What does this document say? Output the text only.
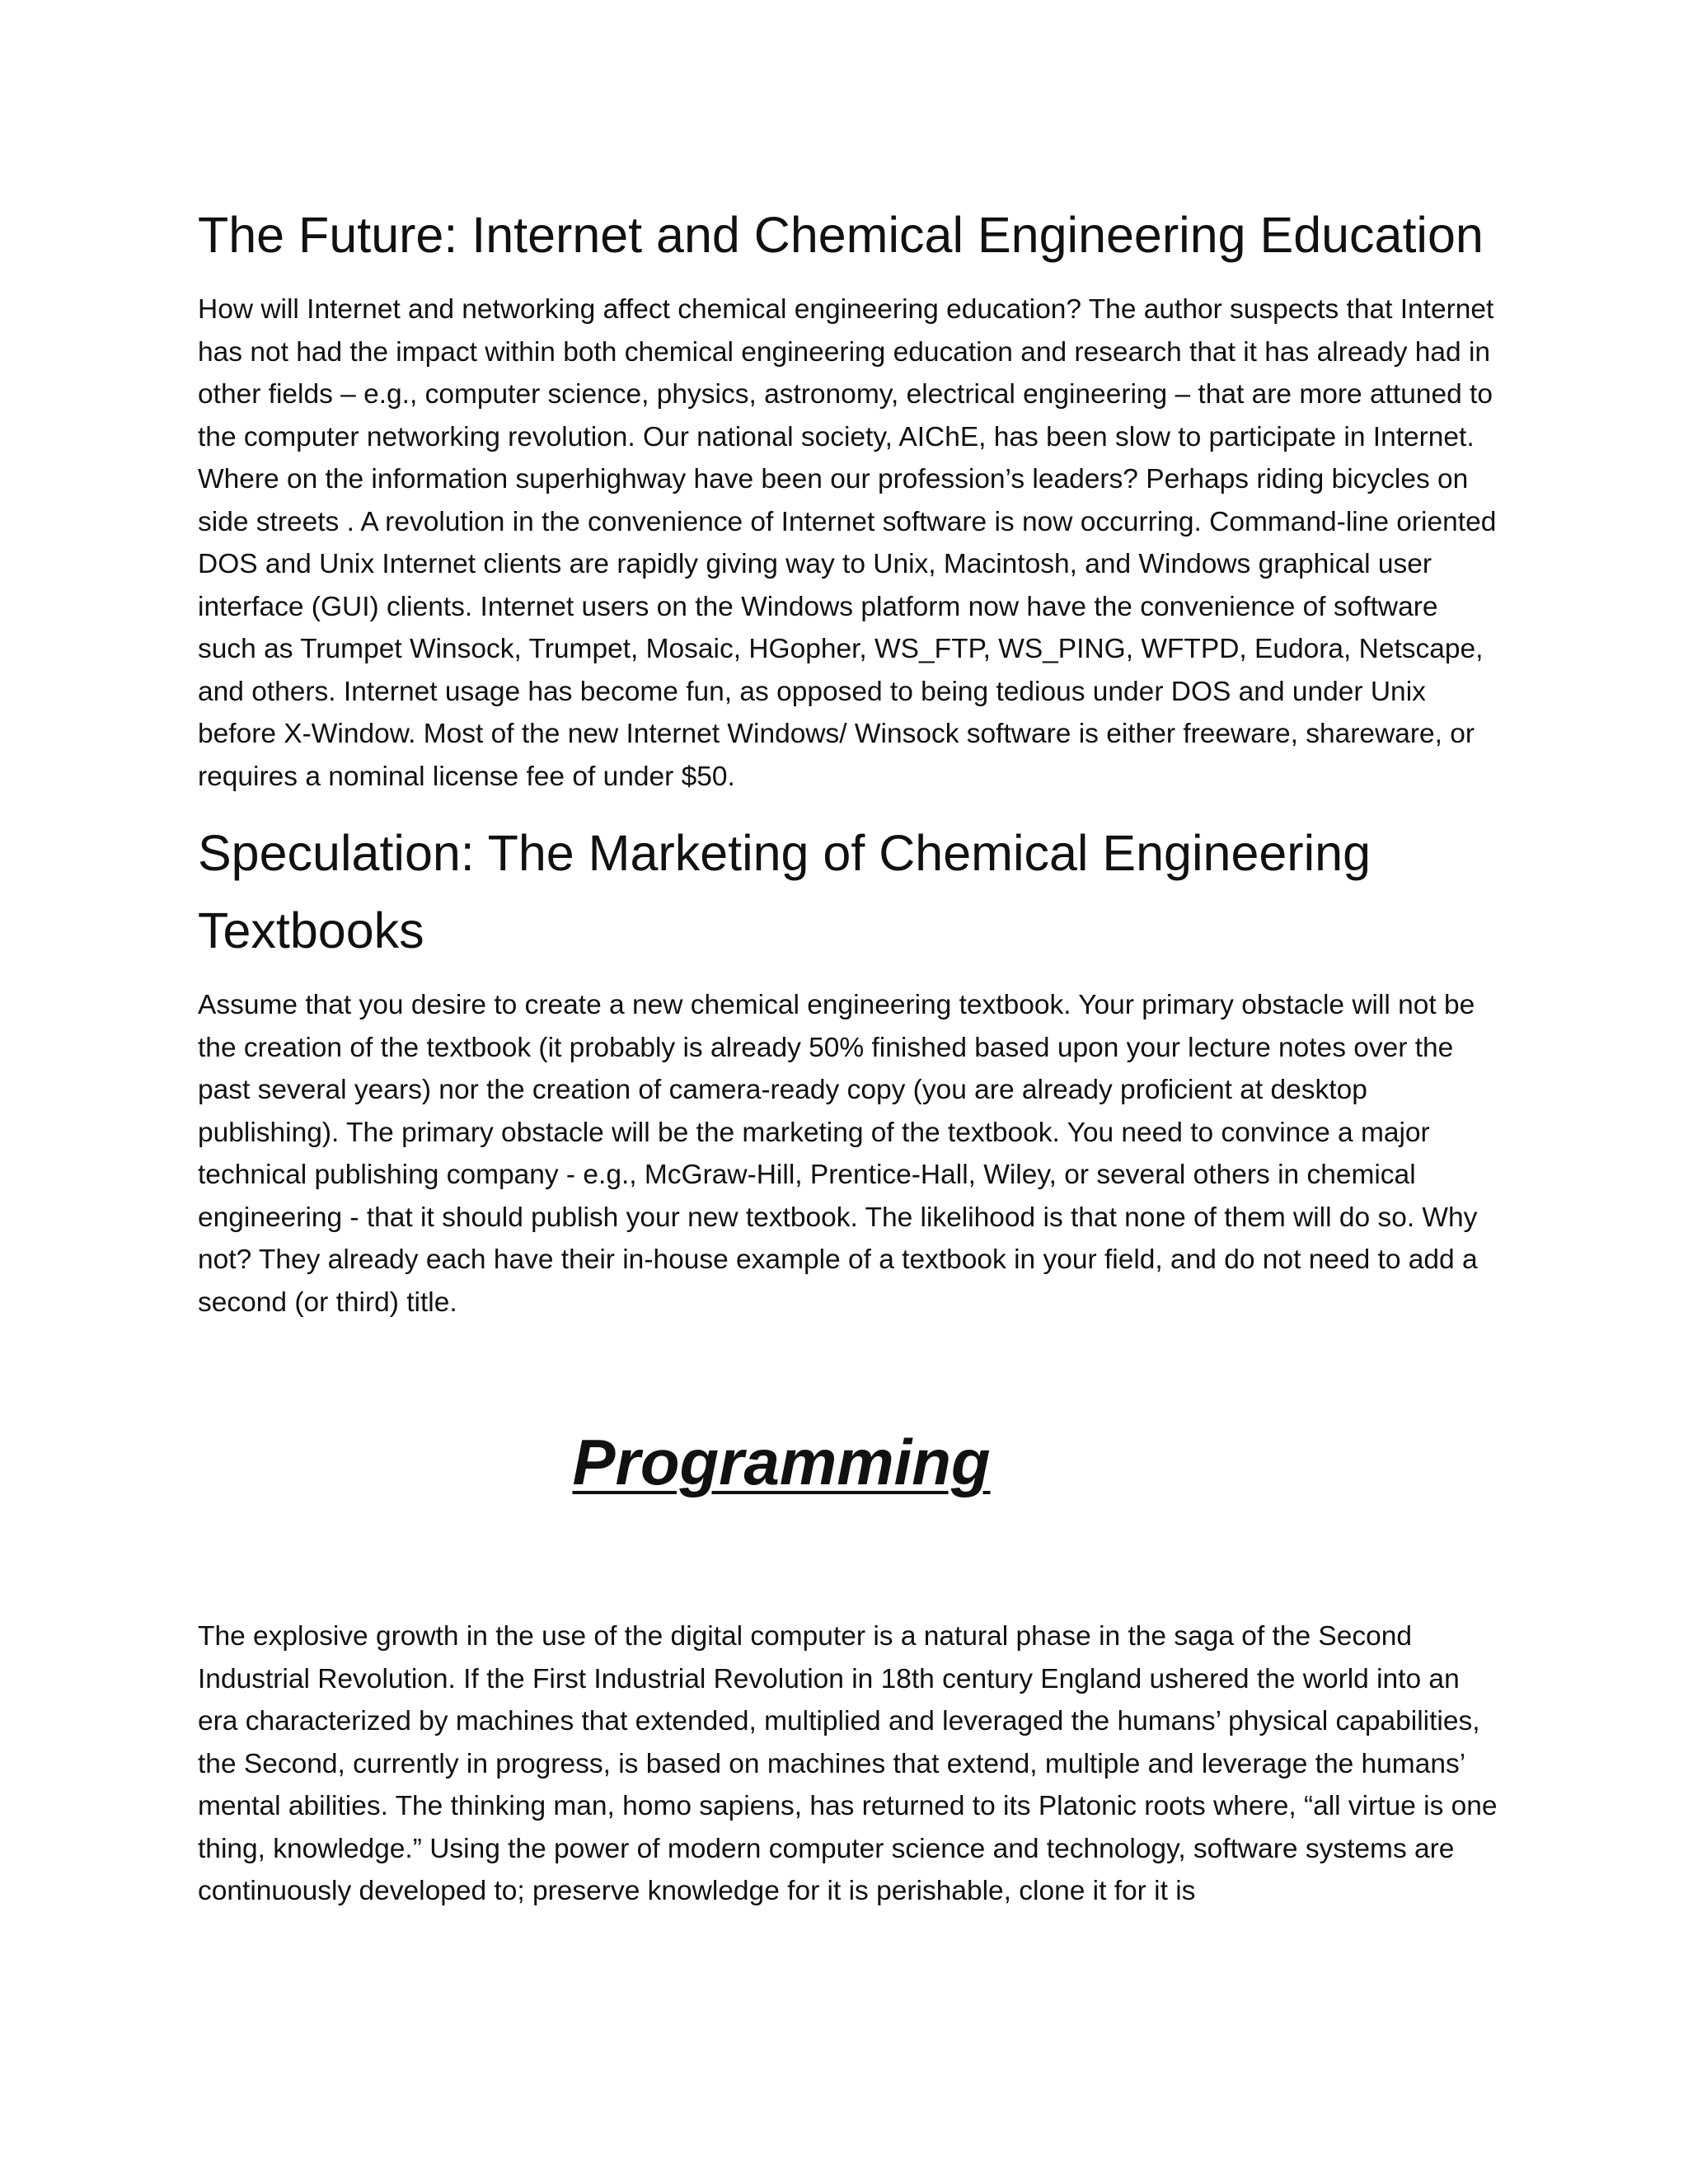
The Future: Internet and Chemical Engineering Education

How will Internet and networking affect chemical engineering education? The author suspects that Internet has not had the impact within both chemical engineering education and research that it has already had in other fields – e.g., computer science, physics, astronomy, electrical engineering – that are more attuned to the computer networking revolution. Our national society, AIChE, has been slow to participate in Internet. Where on the information superhighway have been our profession’s leaders? Perhaps riding bicycles on side streets . A revolution in the convenience of Internet software is now occurring. Command-line oriented DOS and Unix Internet clients are rapidly giving way to Unix, Macintosh, and Windows graphical user interface (GUI) clients. Internet users on the Windows platform now have the convenience of software such as Trumpet Winsock, Trumpet, Mosaic, HGopher, WS_FTP, WS_PING, WFTPD, Eudora, Netscape, and others. Internet usage has become fun, as opposed to being tedious under DOS and under Unix before X-Window. Most of the new Internet Windows/ Winsock software is either freeware, shareware, or requires a nominal license fee of under $50.

Speculation: The Marketing of Chemical Engineering Textbooks

Assume that you desire to create a new chemical engineering textbook. Your primary obstacle will not be the creation of the textbook (it probably is already 50% finished based upon your lecture notes over the past several years) nor the creation of camera-ready copy (you are already proficient at desktop publishing). The primary obstacle will be the marketing of the textbook. You need to convince a major technical publishing company - e.g., McGraw-Hill, Prentice-Hall, Wiley, or several others in chemical engineering - that it should publish your new textbook. The likelihood is that none of them will do so. Why not? They already each have their in-house example of a textbook in your field, and do not need to add a second (or third) title.

Programming

The explosive growth in the use of the digital computer is a natural phase in the saga of the Second Industrial Revolution. If the First Industrial Revolution in 18th century England ushered the world into an era characterized by machines that extended, multiplied and leveraged the humans’ physical capabilities, the Second, currently in progress, is based on machines that extend, multiple and leverage the humans’ mental abilities. The thinking man, homo sapiens, has returned to its Platonic roots where, “all virtue is one thing, knowledge.” Using the power of modern computer science and technology, software systems are continuously developed to; preserve knowledge for it is perishable, clone it for it is
